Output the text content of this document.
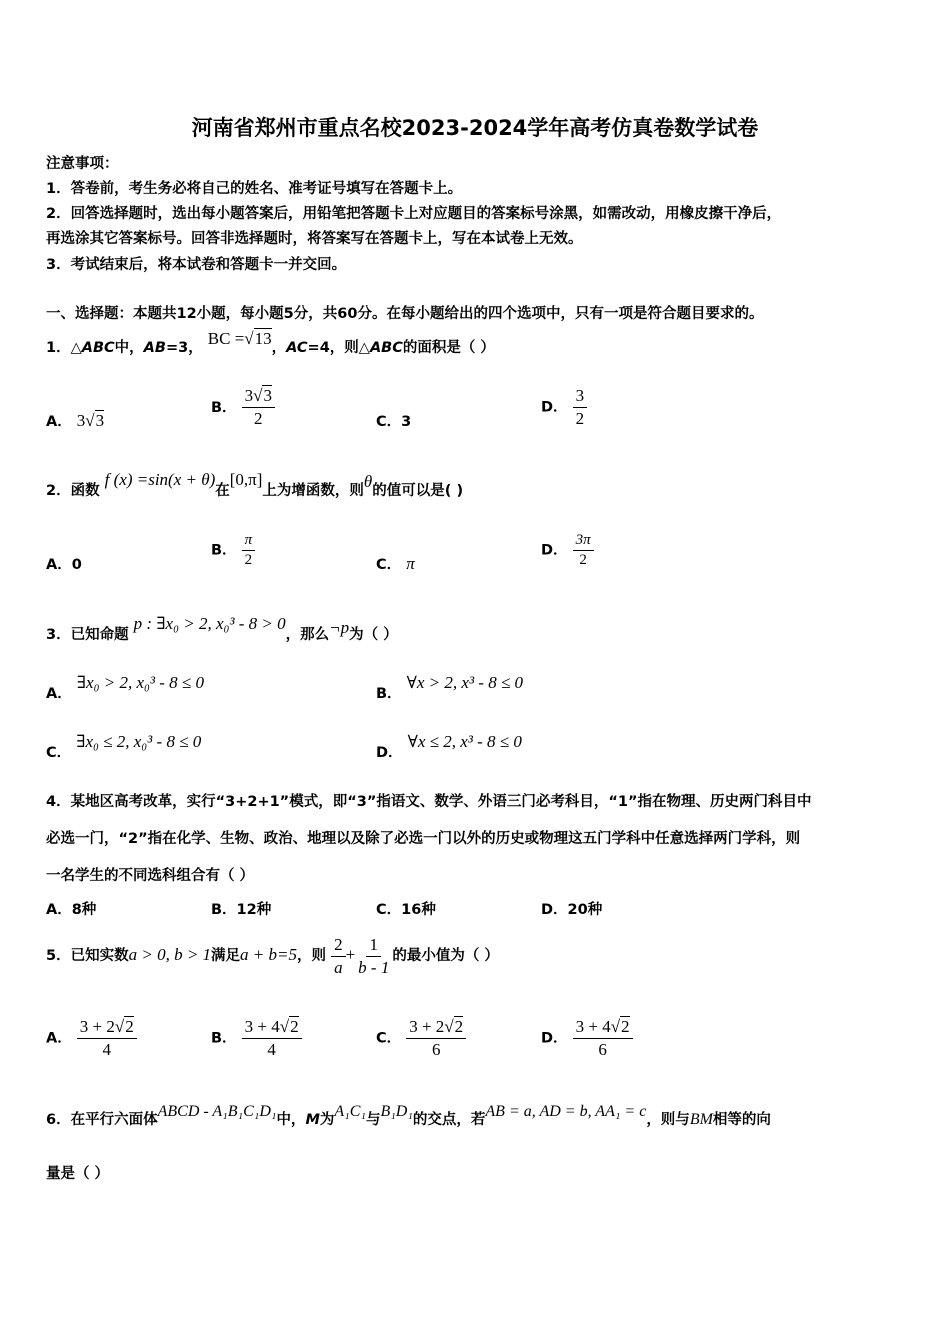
河南省郑州市重点名校2023-2024学年高考仿真卷数学试卷
注意事项：
1．答卷前，考生务必将自己的姓名、准考证号填写在答题卡上。
2．回答选择题时，选出每小题答案后，用铅笔把答题卡上对应题目的答案标号涂黑，如需改动，用橡皮擦干净后，
再选涂其它答案标号。回答非选择题时，将答案写在答题卡上，写在本试卷上无效。
3．考试结束后，将本试卷和答题卡一并交回。
一、选择题：本题共12小题，每小题5分，共60分。在每小题给出的四个选项中，只有一项是符合题目要求的。
1．△ABC中，AB=3， BC =√13，AC=4，则△ABC的面积是（ ）
A． 3√3
B． $\frac{3√3}{2}$	C．3
D． $\frac{3}{2}$
2．函数 f (x) =sin(x + θ)在[0,π]上为增函数，则θ的值可以是( )
A．0
B． $\frac{\pi}{2}$	C． π
D． $\frac{3\pi}{2}$
3．已知命题 p : ∃x₀ > 2, x₀³ - 8 > 0，那么¬p为（ ）
A． ∃x₀ > 2, x₀³ - 8 ≤ 0
B． ∀x > 2, x³ - 8 ≤ 0
C． ∃x₀ ≤ 2, x₀³ - 8 ≤ 0
D． ∀x ≤ 2, x³ - 8 ≤ 0
4．某地区高考改革，实行“3+2+1”模式，即“3”指语文、数学、外语三门必考科目，“1”指在物理、历史两门科目中
必选一门，“2”指在化学、生物、政治、地理以及除了必选一门以外的历史或物理这五门学科中任意选择两门学科，则
一名学生的不同选科组合有（ ）
A．8种	B．12种	C．16种	D．20种
5．已知实数a > 0, b > 1满足a + b=5，则 $\frac{2}{a} + \frac{1}{b - 1}$ 的最小值为（ ）
A． $\frac{3 + 2√2}{4}$	B． $\frac{3 + 4√2}{4}$	C． $\frac{3 + 2√2}{6}$	D． $\frac{3 + 4√2}{6}$
6．在平行六面体ABCD - A₁B₁C₁D₁中，M为A₁C₁与B₁D₁的交点，若AB = a, AD = b, AA₁ = c，则与BM相等的向
量是（ ）
